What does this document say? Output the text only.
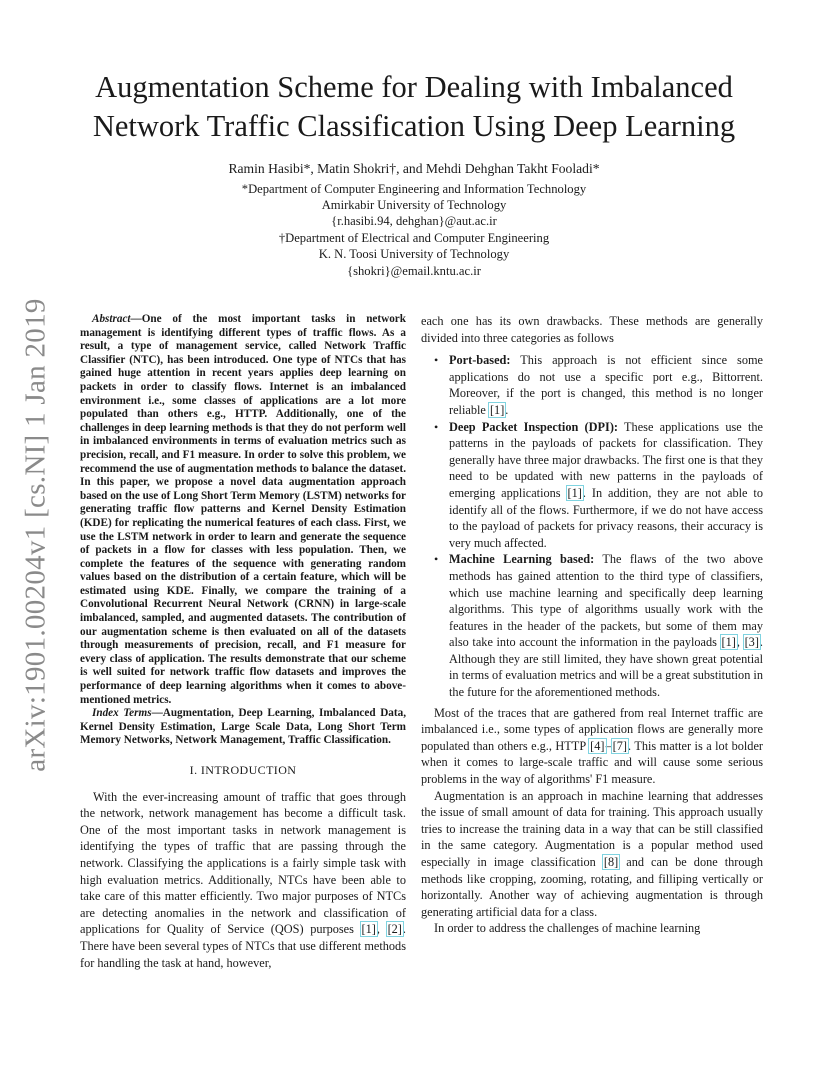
Augmentation Scheme for Dealing with Imbalanced
Network Traffic Classification Using Deep Learning
Ramin Hasibi*, Matin Shokri†, and Mehdi Dehghan Takht Fooladi*
*Department of Computer Engineering and Information Technology
Amirkabir University of Technology
{r.hasibi.94, dehghan}@aut.ac.ir
†Department of Electrical and Computer Engineering
K. N. Toosi University of Technology
{shokri}@email.kntu.ac.ir
arXiv:1901.00204v1 [cs.NI] 1 Jan 2019	Abstract—One of the most important tasks in network management is identifying different types of traffic flows. As a result, a type of management service, called Network Traffic Classifier (NTC), has been introduced. One type of NTCs that has gained huge attention in recent years applies deep learning on packets in order to classify flows. Internet is an imbalanced environment i.e., some classes of applications are a lot more populated than others e.g., HTTP. Additionally, one of the challenges in deep learning methods is that they do not perform well in imbalanced environments in terms of evaluation metrics such as precision, recall, and F1 measure. In order to solve this problem, we recommend the use of augmentation methods to balance the dataset. In this paper, we propose a novel data augmentation approach based on the use of Long Short Term Memory (LSTM) networks for generating traffic flow patterns and Kernel Density Estimation (KDE) for replicating the numerical features of each class. First, we use the LSTM network in order to learn and generate the sequence of packets in a flow for classes with less population. Then, we complete the features of the sequence with generating random values based on the distribution of a certain feature, which will be estimated using KDE. Finally, we compare the training of a Convolutional Recurrent Neural Network (CRNN) in large-scale imbalanced, sampled, and augmented datasets. The contribution of our augmentation scheme is then evaluated on all of the datasets through measurements of precision, recall, and F1 measure for every class of application. The results demonstrate that our scheme is well suited for network traffic flow datasets and improves the performance of deep learning algorithms when it comes to above-mentioned metrics.

Index Terms—Augmentation, Deep Learning, Imbalanced Data, Kernel Density Estimation, Large Scale Data, Long Short Term Memory Networks, Network Management, Traffic Classification.

I. INTRODUCTION

With the ever-increasing amount of traffic that goes through the network, network management has become a difficult task. One of the most important tasks in network management is identifying the types of traffic that are passing through the network. Classifying the applications is a fairly simple task with high evaluation metrics. Additionally, NTCs have been able to take care of this matter efficiently. Two major purposes of NTCs are detecting anomalies in the network and classification of applications for Quality of Service (QOS) purposes [1], [2]. There have been several types of NTCs that use different methods for handling the task at hand, however,

each one has its own drawbacks. These methods are generally divided into three categories as follows

• Port-based: This approach is not efficient since some applications do not use a specific port e.g., Bittorrent. Moreover, if the port is changed, this method is no longer reliable [1].
• Deep Packet Inspection (DPI): These applications use the patterns in the payloads of packets for classification. They generally have three major drawbacks. The first one is that they need to be updated with new patterns in the payloads of emerging applications [1]. In addition, they are not able to identify all of the flows. Furthermore, if we do not have access to the payload of packets for privacy reasons, their accuracy is very much affected.
• Machine Learning based: The flaws of the two above methods has gained attention to the third type of classifiers, which use machine learning and specifically deep learning algorithms. This type of algorithms usually work with the features in the header of the packets, but some of them may also take into account the information in the payloads [1], [3]. Although they are still limited, they have shown great potential in terms of evaluation metrics and will be a great substitution in the future for the aforementioned methods.

Most of the traces that are gathered from real Internet traffic are imbalanced i.e., some types of application flows are generally more populated than others e.g., HTTP [4]–[7]. This matter is a lot bolder when it comes to large-scale traffic and will cause some serious problems in the way of algorithms' F1 measure.

Augmentation is an approach in machine learning that addresses the issue of small amount of data for training. This approach usually tries to increase the training data in a way that can be still classified in the same category. Augmentation is a popular method used especially in image classification [8] and can be done through methods like cropping, zooming, rotating, and filliping vertically or horizontally. Another way of achieving augmentation is through generating artificial data for a class.

In order to address the challenges of machine learning
